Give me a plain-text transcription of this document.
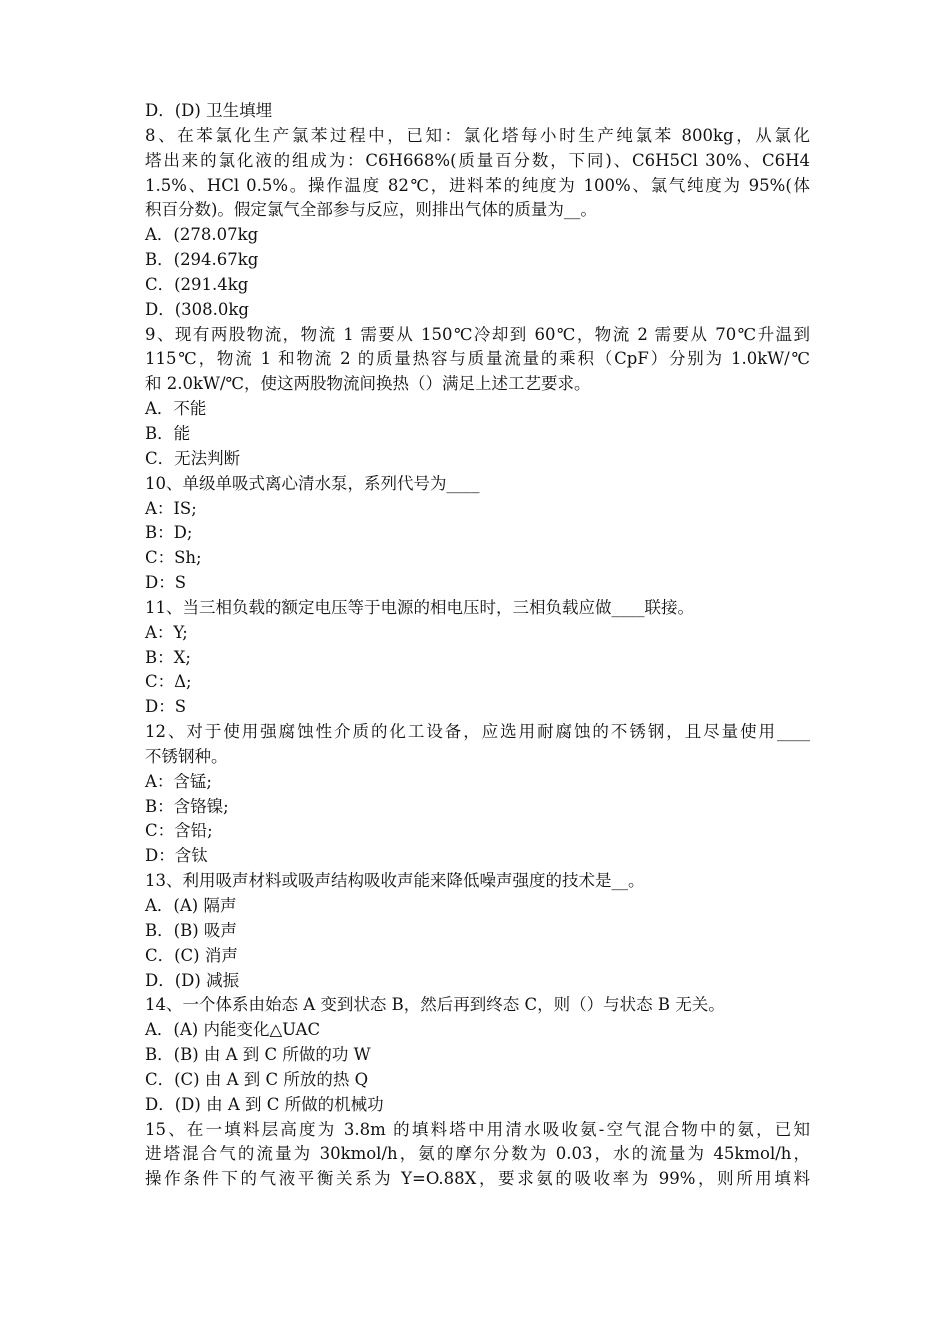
D．(D) 卫生填埋
8、在苯氯化生产氯苯过程中，已知：氯化塔每小时生产纯氯苯 800kg，从氯化
塔出来的氯化液的组成为：C6H668%(质量百分数，下同)、C6H5Cl 30%、C6H4
1.5%、HCl 0.5%。操作温度 82℃，进料苯的纯度为 100%、氯气纯度为 95%(体
积百分数)。假定氯气全部参与反应，则排出气体的质量为__。
A．(278.07kg
B．(294.67kg
C．(291.4kg
D．(308.0kg
9、现有两股物流，物流 1 需要从 150℃冷却到 60℃，物流 2 需要从 70℃升温到
115℃，物流 1 和物流 2 的质量热容与质量流量的乘积（CpF）分别为 1.0kW/℃
和 2.0kW/℃，使这两股物流间换热（）满足上述工艺要求。
A．不能
B．能
C．无法判断
10、单级单吸式离心清水泵，系列代号为____
A：IS;
B：D;
C：Sh;
D：S
11、当三相负载的额定电压等于电源的相电压时，三相负载应做____联接。
A：Y;
B：X;
C：Δ;
D：S
12、对于使用强腐蚀性介质的化工设备，应选用耐腐蚀的不锈钢，且尽量使用____
不锈钢种。
A：含锰;
B：含铬镍;
C：含铅;
D：含钛
13、利用吸声材料或吸声结构吸收声能来降低噪声强度的技术是__。
A．(A) 隔声
B．(B) 吸声
C．(C) 消声
D．(D) 减振
14、一个体系由始态 A 变到状态 B，然后再到终态 C，则（）与状态 B 无关。
A．(A) 内能变化△UAC
B．(B) 由 A 到 C 所做的功 W
C．(C) 由 A 到 C 所放的热 Q
D．(D) 由 A 到 C 所做的机械功
15、在一填料层高度为 3.8m 的填料塔中用清水吸收氨-空气混合物中的氨，已知
进塔混合气的流量为 30kmol/h，氨的摩尔分数为 0.03，水的流量为 45kmol/h，
操作条件下的气液平衡关系为 Y=O.88X，要求氨的吸收率为 99%，则所用填料
